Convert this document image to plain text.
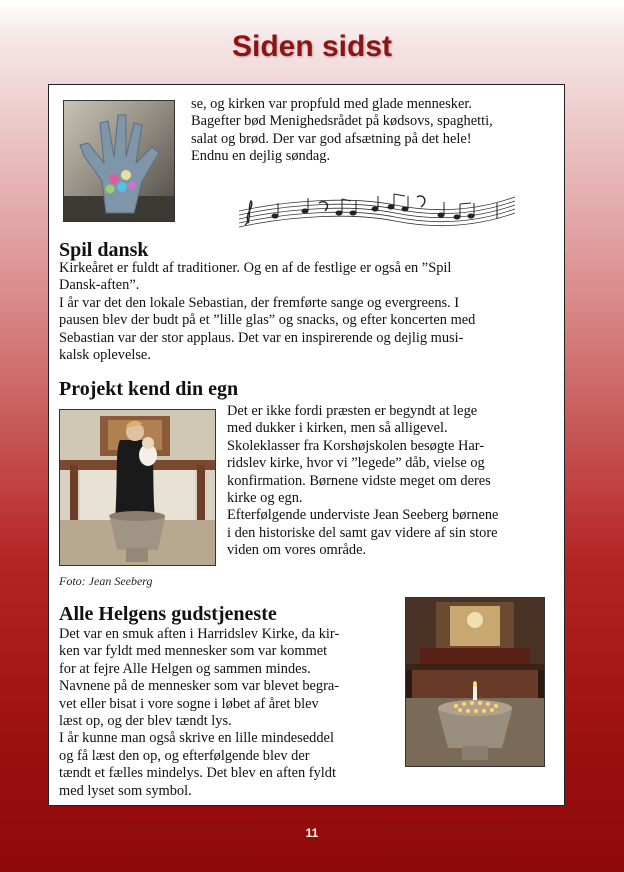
Siden sidst
se, og kirken var propfuld med glade mennesker.
Bagefter bød Menighedsrådet på kødsovs, spaghetti,
salat og brød. Der var god afsætning på det hele!
Endnu en dejlig søndag.
Spil dansk
Kirkeåret er fuldt af traditioner. Og en af de festlige er også en ”Spil
Dansk-aften”.
I år var det den lokale Sebastian, der fremførte sange og evergreens. I
pausen blev der budt på et ”lille glas” og snacks, og efter koncerten med
Sebastian var der stor applaus. Det var en inspirerende og dejlig musi-
kalsk oplevelse.
Projekt kend din egn
Det er ikke fordi præsten er begyndt at lege
med dukker i kirken, men så alligevel.
Skoleklasser fra Korshøjskolen besøgte Har-
ridslev kirke, hvor vi ”legede” dåb, vielse og
konfirmation. Børnene vidste meget om deres
kirke og egn.
Efterfølgende underviste Jean Seeberg børnene
i den historiske del samt gav videre af sin store
viden om vores område.
Foto: Jean Seeberg
Alle Helgens gudstjeneste
Det var en smuk aften i Harridslev Kirke, da kir-
ken var fyldt med mennesker som var kommet
for at fejre Alle Helgen og sammen mindes.
Navnene på de mennesker som var blevet begra-
vet eller bisat i vore sogne i løbet af året blev
læst op, og der blev tændt lys.
I år kunne man også skrive en lille mindeseddel
og få læst den op, og efterfølgende blev der
tændt et fælles mindelys. Det blev en aften fyldt
med lyset som symbol.
11
